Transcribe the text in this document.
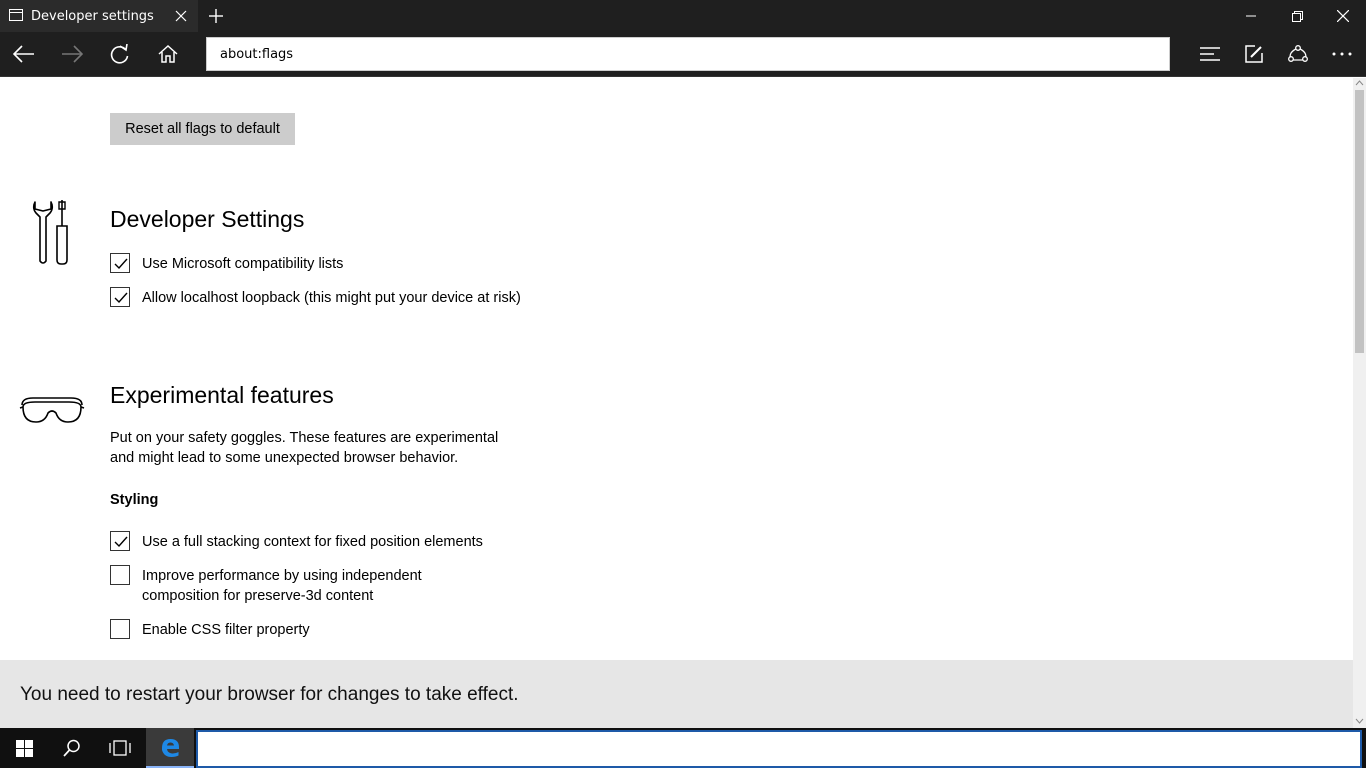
Developer settings
about:flags
Reset all flags to default
Developer Settings
Use Microsoft compatibility lists
Allow localhost loopback (this might put your device at risk)
Experimental features

Put on your safety goggles. These features are experimental and might lead to some unexpected browser behavior.

Styling
Use a full stacking context for fixed position elements
Improve performance by using independent composition for preserve-3d content
Enable CSS filter property
You need to restart your browser for changes to take effect.
